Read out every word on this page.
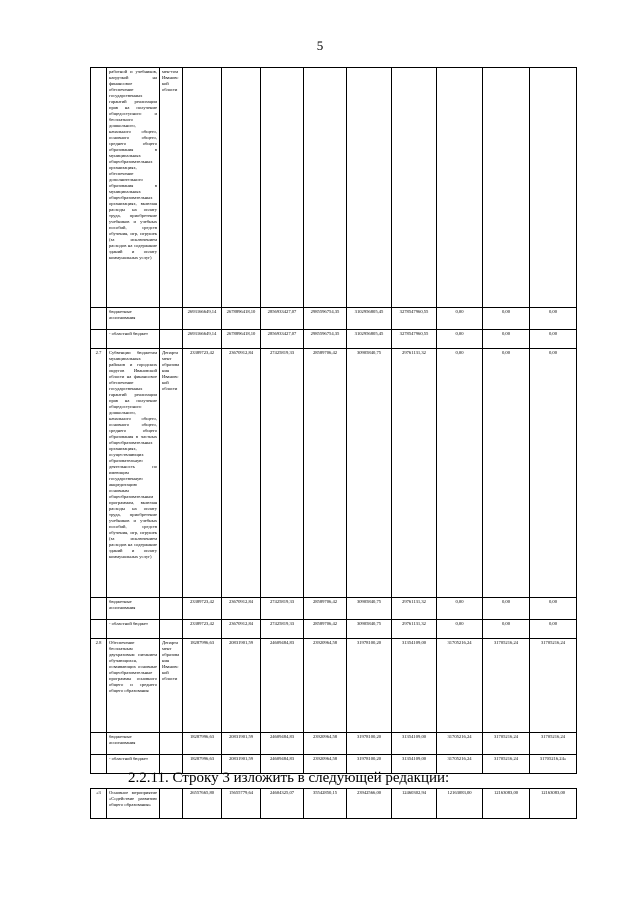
5
	работной и учебников, нагрузкой на финансовое обеспечение государственных гарантий реализации прав на получение общедоступного и бесплатного дошкольного, начального общего, основного общего, среднего общего образования в муниципальных общеобразовательных организациях, обеспечение дополнительного образования в муниципальных общеобразовательных организациях, включая расходы на оплату труда, приобретение учебников и учебных пособий, средств обучения, игр, игрушек (за исключением расходов на содержание зданий и оплату коммунальных услуг)	мен-том Ивановской области									
	бюджетные ассигнования		2693166649,14	2678896418,10	2856933427,07	2985596754,35	3102956805,45	3278547960,55	0,00	0,00	0,00
	- областной бюджет		2693166649,14	2678896418,10	2856933427,07	2985596754,35	3102956805,45	3278547960,55	0,00	0,00	0,00
2.7	Субвенции бюджетам муниципальных районов и городских округов Ивановской области на финансовое обеспечение государственных гарантий реализации прав на получение общедоступного дошкольного, начального общего, основного общего, среднего общего образования в частных общеобразовательных организациях, осуществляющих образовательную деятельность по имеющим государственную аккредитацию основным общеобразовательным программам, включая расходы на оплату труда, приобретение учебников и учебных пособий, средств обучения, игр, игрушек (за исключением расходов на содержание зданий и оплату коммунальных услуг)	Департамент образования Ивановской области	23389723,42	23670912,84	27425819,33	28589706,42	30905840,75	29761131,32	0,00	0,00	0,00
	бюджетные ассигнования		23389723,42	23670912,84	27425819,33	28589706,42	30905840,75	29761131,32	0,00	0,00	0,00
	- областной бюджет		23389723,42	23670912,84	27425819,33	28589706,42	30905840,75	29761131,32	0,00	0,00	0,00
2.8	Обеспечение бесплатным двухразовым питанием обучающихся, осваивающих основные общеобразовательные программы основного общего и среднего общего образования	Департамент образования Ивановской области	18287996,63	20831901,59	24609484,83	23920964,58	31978100,20	31354109,00	31705216,24	31705216,24	31705216,24
	бюджетные ассигнования		18287996,63	20831901,59	24609484,83	23920964,58	31978100,20	31354109,00	31705216,24	31705216,24	31705216,24
	- областной бюджет		18287996,63	20831901,59	24609484,83	23920964,58	31978100,20	31354109,00	31705216,24	31705216,24	31705216,24»
2.2.11. Строку 3 изложить в следующей редакции:
«3	Основное мероприятие «Содействие развитию общего образования»		26557665,80	15655779,64	24604325,07	35542850,15	23942566,00	12460302,94	12163083,00	12163083,00	12163083,00
